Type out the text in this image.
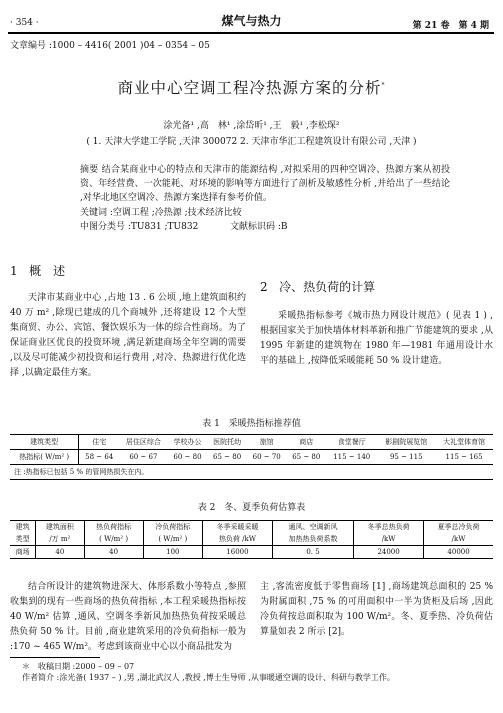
· 354 ·	煤气与热力	第 21 卷　第 4 期
文章编号 :1000 – 4416( 2001 )04 – 0354 – 05
商业中心空调工程冷热源方案的分析*
涂光备¹ ,高　林¹ ,涂岱昕¹ ,王　毅¹ ,李松琛²
( 1. 天津大学建工学院 ,天津 300072 2. 天津市华汇工程建筑设计有限公司 ,天津 )
摘要 结合某商业中心的特点和天津市的能源结构 ,对拟采用的四种空调冷、热源方案从初投资、年经营费、一次能耗、对环境的影响等方面进行了剖析及敏感性分析 ,并给出了一些结论 ,对华北地区空调冷、热源方案选择有参考价值。
关键词 :空调工程 ;冷热源 ;技术经济比较
中图分类号 :TU831 ;TU832	文献标识码 :B
1 概　述

天津市某商业中心 ,占地 13 . 6 公顷 ,地上建筑面积约 40 万 m² ,除现已建成的几个商城外 ,还将建设 12 个大型集商贸、办公、宾馆、餐饮娱乐为一体的综合性商场。为了保证商业区优良的投资环境 ,满足新建商场全年空调的需要 ,以及尽可能减少初投资和运行费用 ,对冷、热源进行优化选择 ,以确定最佳方案。

2 冷、热负荷的计算

采暖热指标参考《城市热力网设计规范》( 见表 1 ) ,根据国家关于加快墙体材料革新和推广节能建筑的要求 ,从 1995 年新建的建筑物在 1980 年—1981 年通用设计水平的基础上 ,按降低采暖能耗 50 % 设计建造。

表 1　采暖热指标推荐值
建筑类型	住宅	居住区综合	学校办公	医院托幼	旅馆	商店	食堂餐厅	影剧院展览馆	大礼堂体育馆
热指标( W/m² )	58 ~ 64	60 ~ 67	60 ~ 80	65 ~ 80	60 ~ 70	65 ~ 80	115 ~ 140	95 ~ 115	115 ~ 165
注 :热指标已包括 5 % 的管网热损失在内。									
表 2　冬、夏季负荷估算表
建筑	建筑面积	热负荷指标	冷负荷指标	冬季采暖采暖	通风、空调新风	冬季总热负荷	夏季总冷负荷
类型	/万 m²	( W/m² )	( W/m² )	热负荷 /kW	加热热负荷系数	/kW	/kW
商场	40	40	100	16000	0. 5	24000	40000

结合所设计的建筑物进深大、体形系数小等特点 ,参照收集到的现有一些商场的热负荷指标 ,本工程采暖热指标按 40 W/m² 估算 ,通风、空调冬季新风加热热负荷按采暖总热负荷 50 % 计。目前 ,商业建筑采用的冷负荷指标一般为 :170 ~ 465 W/m²。考虑到该商业中心以小商品批发为

主 ,客流密度低于零售商场 [1] ,商场建筑总面积的 25 % 为附属面积 ,75 % 的可用面积中一半为货柜及后场 ,因此冷负荷按总面积取为 100 W/m²。冬、夏季热、冷负荷估算量如表 2 所示 [2]。

＊　收稿日期 :2000 – 09 – 07
作者简介 :涂光备( 1937 – ) ,男 ,湖北武汉人 ,教授 ,博士生导师 ,从事暖通空调的设计、科研与教学工作。
